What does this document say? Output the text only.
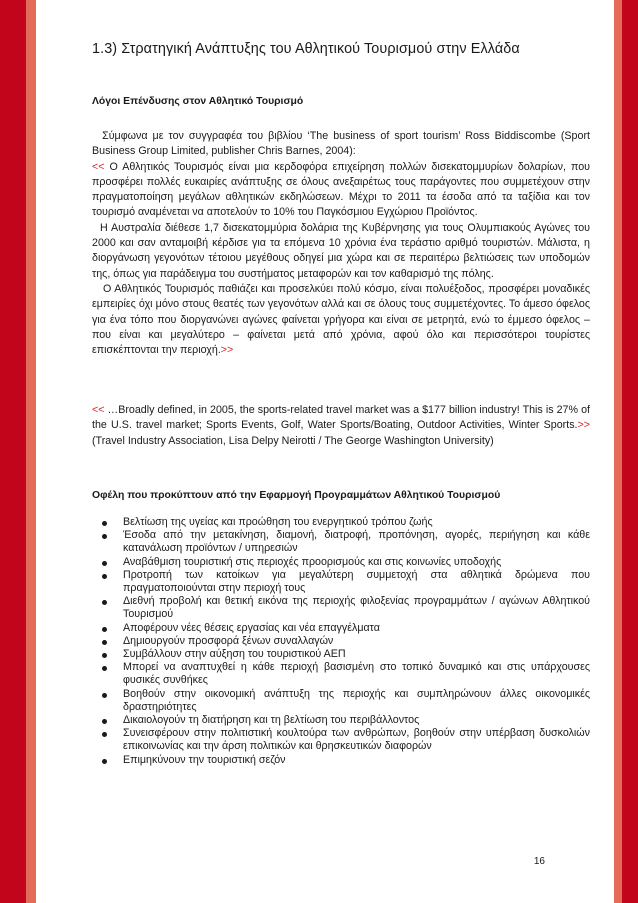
1.3) Στρατηγική Ανάπτυξης του Αθλητικού Τουρισμού στην Ελλάδα
Λόγοι Επένδυσης στον Αθλητικό Τουρισμό

Σύμφωνα με τον συγγραφέα του βιβλίου ‘The business of sport tourism’ Ross Biddiscombe (Sport Business Group Limited, publisher Chris Barnes, 2004):

<< Ο Αθλητικός Τουρισμός είναι μια κερδοφόρα επιχείρηση πολλών δισεκατομμυρίων δολαρίων, που προσφέρει πολλές ευκαιρίες ανάπτυξης σε όλους ανεξαιρέτως τους παράγοντες που συμμετέχουν στην πραγματοποίηση μεγάλων αθλητικών εκδηλώσεων. Μέχρι το 2011 τα έσοδα από τα ταξίδια και τον τουρισμό αναμένεται να αποτελούν το 10% του Παγκόσμιου Εγχώριου Προϊόντος.

Η Αυστραλία διέθεσε 1,7 δισεκατομμύρια δολάρια της Κυβέρνησης για τους Ολυμπιακούς Αγώνες του 2000 και σαν ανταμοιβή κέρδισε για τα επόμενα 10 χρόνια ένα τεράστιο αριθμό τουριστών. Μάλιστα, η διοργάνωση γεγονότων τέτοιου μεγέθους οδηγεί μια χώρα και σε περαιτέρω βελτιώσεις των υποδομών της, όπως για παράδειγμα του συστήματος μεταφορών και τον καθαρισμό της πόλης.

Ο Αθλητικός Τουρισμός παθιάζει και προσελκύει πολύ κόσμο, είναι πολυέξοδος, προσφέρει μοναδικές εμπειρίες όχι μόνο στους θεατές των γεγονότων αλλά και σε όλους τους συμμετέχοντες. Το άμεσο όφελος για ένα τόπο που διοργανώνει αγώνες φαίνεται γρήγορα και είναι σε μετρητά, ενώ το έμμεσο όφελος – που είναι και μεγαλύτερο – φαίνεται μετά από χρόνια, αφού όλο και περισσότεροι τουρίστες επισκέπτονται την περιοχή.>>

<< …Broadly defined, in 2005, the sports-related travel market was a $177 billion industry! This is 27% of the U.S. travel market; Sports Events, Golf, Water Sports/Boating, Outdoor Activities, Winter Sports.>> (Travel Industry Association, Lisa Delpy Neirotti / The George Washington University)

Οφέλη που προκύπτουν από την Εφαρμογή Προγραμμάτων Αθλητικού Τουρισμού
Βελτίωση της υγείας και προώθηση του ενεργητικού τρόπου ζωής
Έσοδα από την μετακίνηση, διαμονή, διατροφή, προπόνηση, αγορές, περιήγηση και κάθε κατανάλωση προϊόντων / υπηρεσιών
Αναβάθμιση τουριστική στις περιοχές προορισμούς και στις κοινωνίες υποδοχής
Προτροπή των κατοίκων για μεγαλύτερη συμμετοχή στα αθλητικά δρώμενα που πραγματοποιούνται στην περιοχή τους
Διεθνή προβολή και θετική εικόνα της περιοχής φιλοξενίας προγραμμάτων / αγώνων Αθλητικού Τουρισμού
Αποφέρουν νέες θέσεις εργασίας και νέα επαγγέλματα
Δημιουργούν προσφορά ξένων συναλλαγών
Συμβάλλουν στην αύξηση του τουριστικού ΑΕΠ
Μπορεί να αναπτυχθεί η κάθε περιοχή βασισμένη στο τοπικό δυναμικό και στις υπάρχουσες φυσικές συνθήκες
Βοηθούν στην οικονομική ανάπτυξη της περιοχής και συμπληρώνουν άλλες οικονομικές δραστηριότητες
Δικαιολογούν τη διατήρηση και τη βελτίωση του περιβάλλοντος
Συνεισφέρουν στην πολιτιστική κουλτούρα των ανθρώπων, βοηθούν στην υπέρβαση δυσκολιών επικοινωνίας και την άρση πολιτικών και θρησκευτικών διαφορών
Επιμηκύνουν την τουριστική σεζόν
16
